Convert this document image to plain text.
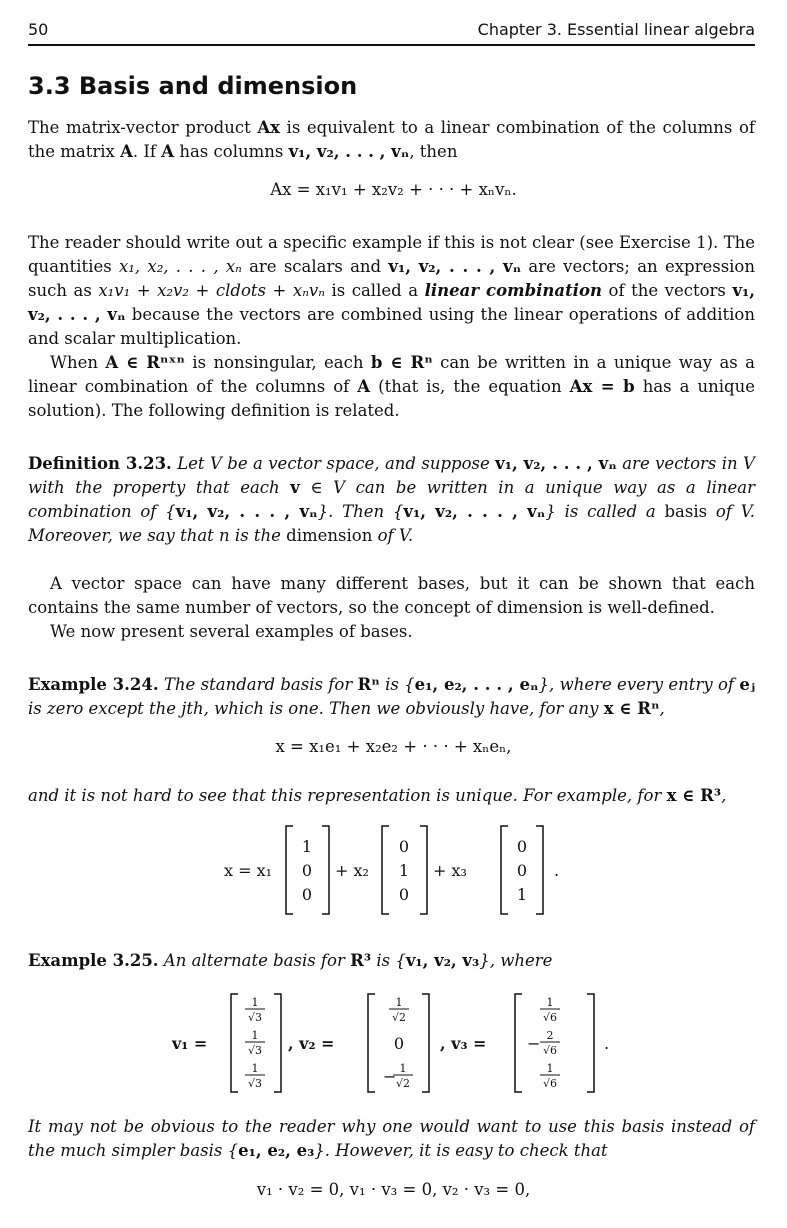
50	Chapter 3. Essential linear algebra
3.3 Basis and dimension

The matrix-vector product Ax is equivalent to a linear combination of the columns of the matrix A. If A has columns v₁, v₂, . . . , vₙ, then

Ax = x₁v₁ + x₂v₂ + · · · + xₙvₙ.

The reader should write out a specific example if this is not clear (see Exercise 1). The quantities x₁, x₂, . . . , xₙ are scalars and v₁, v₂, . . . , vₙ are vectors; an expression such as x₁v₁ + x₂v₂ + cldots + xₙvₙ is called a linear combination of the vectors v₁, v₂, . . . , vₙ because the vectors are combined using the linear operations of addition and scalar multiplication.

When A ∈ Rⁿˣⁿ is nonsingular, each b ∈ Rⁿ can be written in a unique way as a linear combination of the columns of A (that is, the equation Ax = b has a unique solution). The following definition is related.

Definition 3.23. Let V be a vector space, and suppose v₁, v₂, . . . , vₙ are vectors in V with the property that each v ∈ V can be written in a unique way as a linear combination of {v₁, v₂, . . . , vₙ}. Then {v₁, v₂, . . . , vₙ} is called a basis of V. Moreover, we say that n is the dimension of V.

A vector space can have many different bases, but it can be shown that each contains the same number of vectors, so the concept of dimension is well-defined.

We now present several examples of bases.

Example 3.24. The standard basis for Rⁿ is {e₁, e₂, . . . , eₙ}, where every entry of eⱼ is zero except the jth, which is one. Then we obviously have, for any x ∈ Rⁿ,

x = x₁e₁ + x₂e₂ + · · · + xₙeₙ,

and it is not hard to see that this representation is unique. For example, for x ∈ R³,

x = x₁
1
0
0
+ x₂
0
1
0
+ x₃
0
0
1
.

Example 3.25. An alternate basis for R³ is {v₁, v₂, v₃}, where

v₁ =
1
√3
1
√3
1
√3
, v₂ =
1
√2
0
− 1
√2
, v₃ =
1
√6
− 2
√6
1
√6
.

It may not be obvious to the reader why one would want to use this basis instead of the much simpler basis {e₁, e₂, e₃}. However, it is easy to check that

v₁ · v₂ = 0, v₁ · v₃ = 0, v₂ · v₃ = 0,
